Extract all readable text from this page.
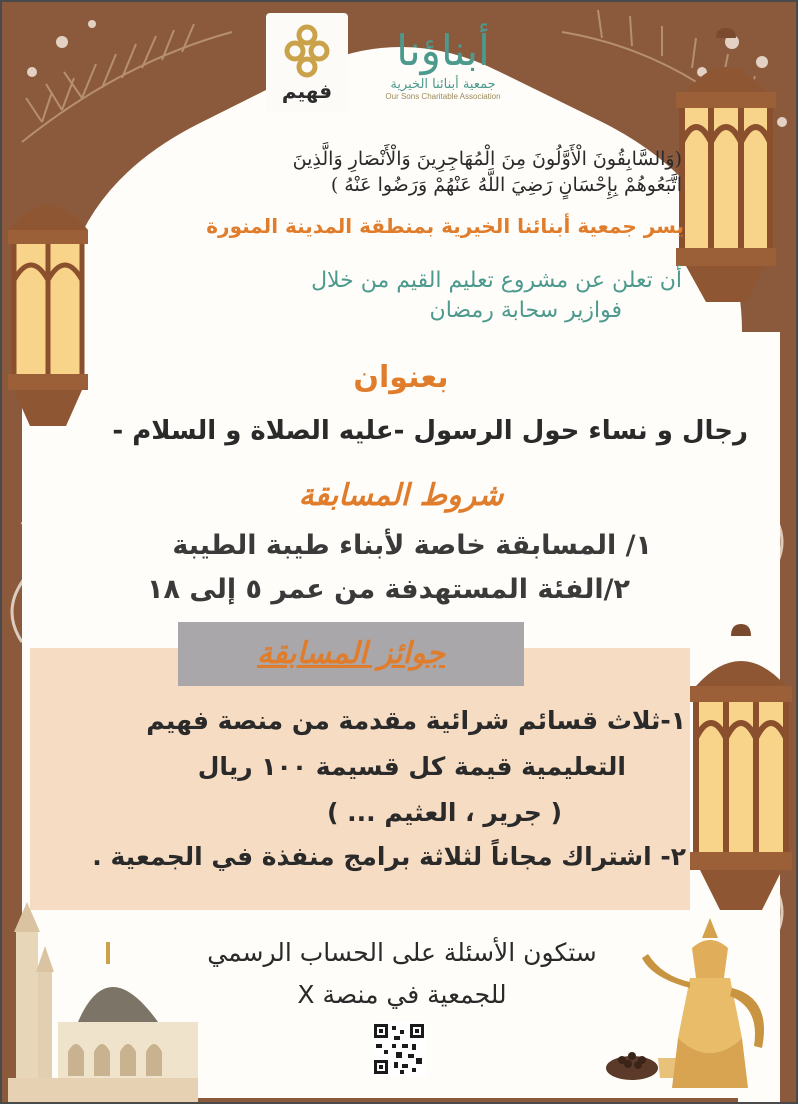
فهيم
أبناؤنا
جمعية أبنائنا الخيرية
Our Sons Charitable Association
(وَالسَّابِقُونَ الْأَوَّلُونَ مِنَ الْمُهَاجِرِينَ وَالْأَنْصَارِ وَالَّذِينَ
اتَّبَعُوهُمْ بِإِحْسَانٍ رَضِيَ اللَّهُ عَنْهُمْ وَرَضُوا عَنْهُ )
يسر جمعية أبنائنا الخيرية بمنطقة المدينة المنورة
أن تعلن عن مشروع تعليم القيم من خلال
فوازير سحابة رمضان
بعنوان
رجال و نساء حول الرسول -عليه الصلاة و السلام -
شروط المسابقة
١/ المسابقة خاصة لأبناء طيبة الطيبة
٢/الفئة المستهدفة من عمر ٥ إلى ١٨
جوائز المسابقة
١-ثلاث قسائم شرائية مقدمة من منصة فهيم
التعليمية قيمة كل قسيمة ١٠٠ ريال
( جرير ، العثيم ... )
٢- اشتراك مجاناً لثلاثة برامج منفذة في الجمعية .
ستكون الأسئلة على الحساب الرسمي
للجمعية في منصة X
